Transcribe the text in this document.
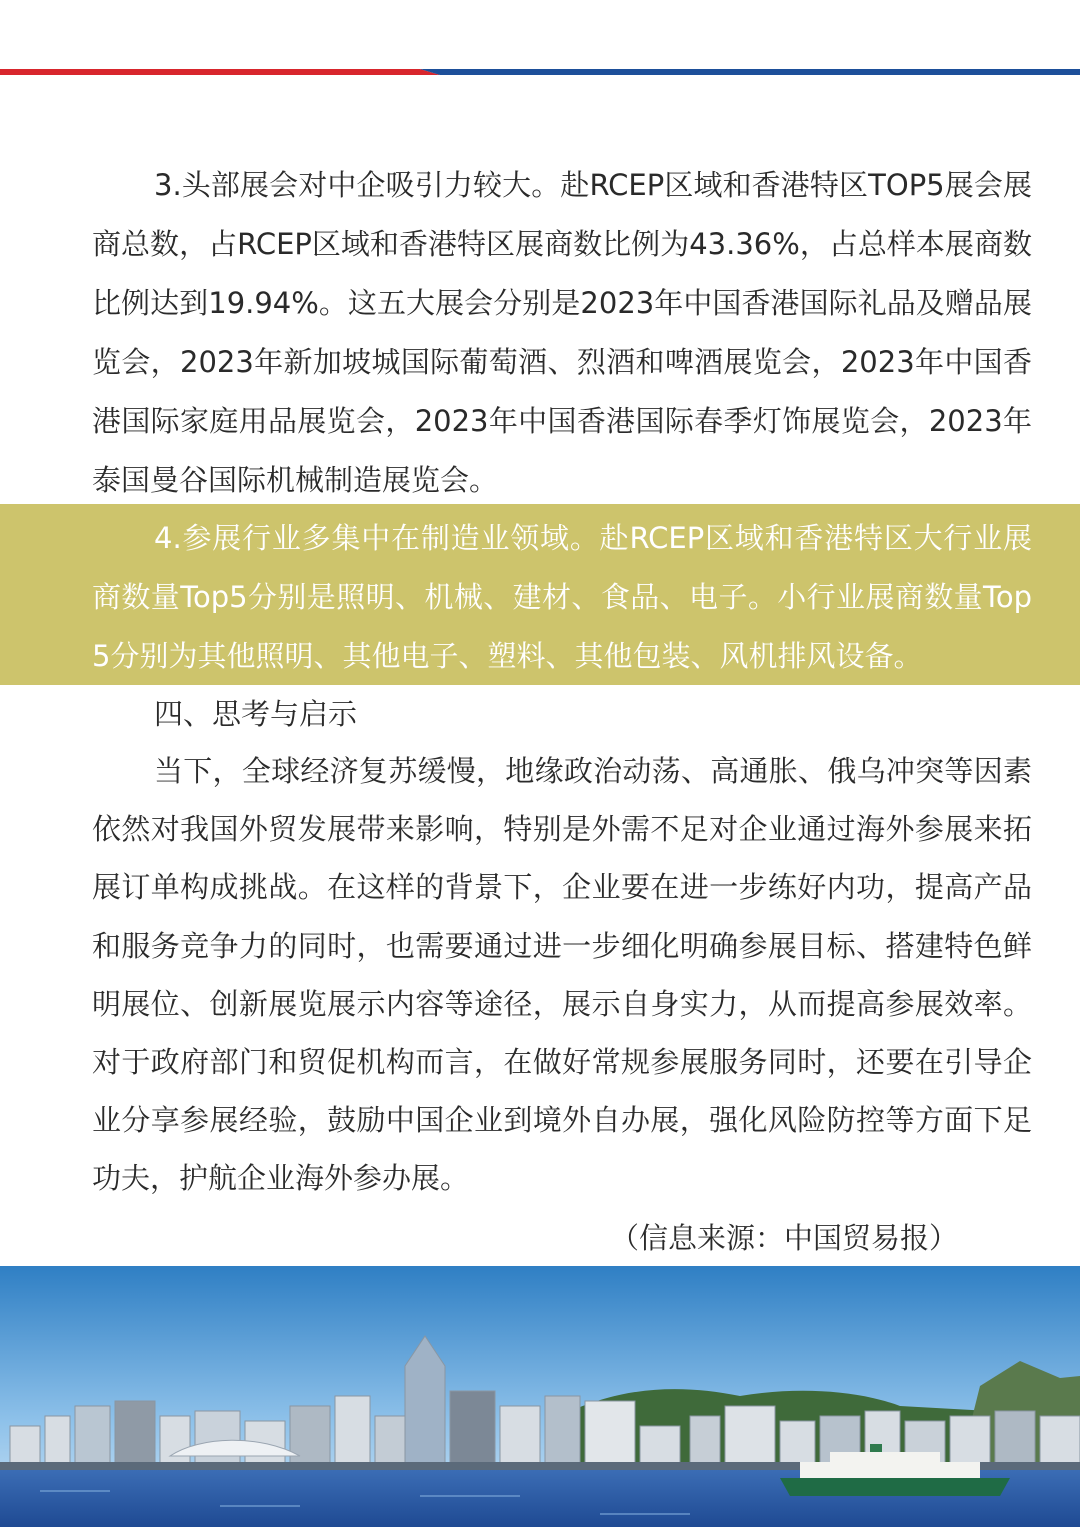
3.头部展会对中企吸引力较大。赴RCEP区域和香港特区TOP5展会展商总数，占RCEP区域和香港特区展商数比例为43.36%，占总样本展商数比例达到19.94%。这五大展会分别是2023年中国香港国际礼品及赠品展览会，2023年新加坡城国际葡萄酒、烈酒和啤酒展览会，2023年中国香港国际家庭用品展览会，2023年中国香港国际春季灯饰展览会，2023年泰国曼谷国际机械制造展览会。

4.参展行业多集中在制造业领域。赴RCEP区域和香港特区大行业展商数量Top5分别是照明、机械、建材、食品、电子。小行业展商数量Top5分别为其他照明、其他电子、塑料、其他包装、风机排风设备。

四、思考与启示

当下，全球经济复苏缓慢，地缘政治动荡、高通胀、俄乌冲突等因素依然对我国外贸发展带来影响，特别是外需不足对企业通过海外参展来拓展订单构成挑战。在这样的背景下，企业要在进一步练好内功，提高产品和服务竞争力的同时，也需要通过进一步细化明确参展目标、搭建特色鲜明展位、创新展览展示内容等途径，展示自身实力，从而提高参展效率。对于政府部门和贸促机构而言，在做好常规参展服务同时，还要在引导企业分享参展经验，鼓励中国企业到境外自办展，强化风险防控等方面下足功夫，护航企业海外参办展。

（信息来源：中国贸易报）
